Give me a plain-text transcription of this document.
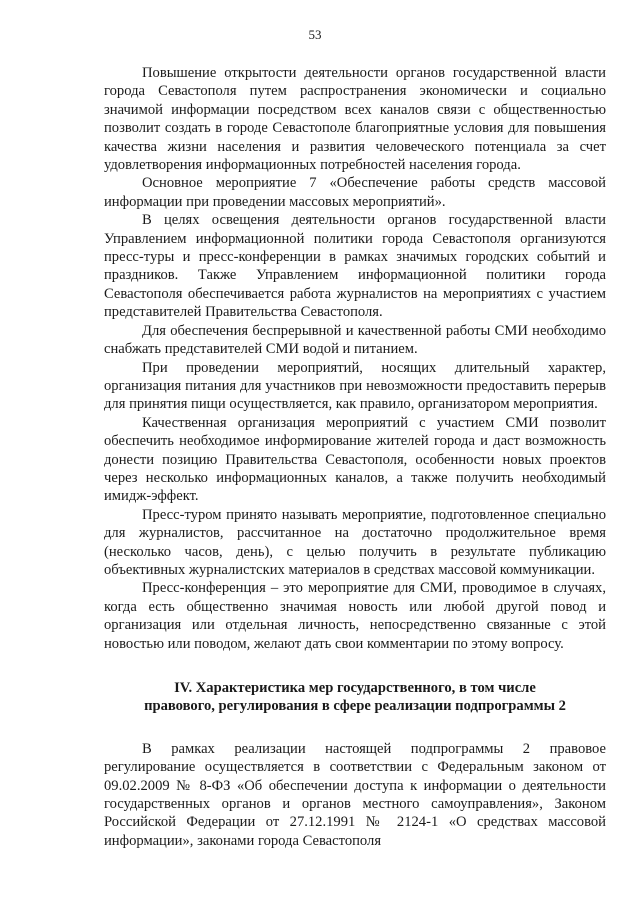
53

Повышение открытости деятельности органов государственной власти города Севастополя путем распространения экономически и социально значимой информации посредством всех каналов связи с общественностью позволит создать в городе Севастополе благоприятные условия для повышения качества жизни населения и развития человеческого потенциала за счет удовлетворения информационных потребностей населения города.

Основное мероприятие 7 «Обеспечение работы средств массовой информации при проведении массовых мероприятий».

В целях освещения деятельности органов государственной власти Управлением информационной политики города Севастополя организуются пресс-туры и пресс-конференции в рамках значимых городских событий и праздников. Также Управлением информационной политики города Севастополя обеспечивается работа журналистов на мероприятиях с участием представителей Правительства Севастополя.

Для обеспечения беспрерывной и качественной работы СМИ необходимо снабжать представителей СМИ водой и питанием.

При проведении мероприятий, носящих длительный характер, организация питания для участников при невозможности предоставить перерыв для принятия пищи осуществляется, как правило, организатором мероприятия.

Качественная организация мероприятий с участием СМИ позволит обеспечить необходимое информирование жителей города и даст возможность донести позицию Правительства Севастополя, особенности новых проектов через несколько информационных каналов, а также получить необходимый имидж-эффект.

Пресс-туром принято называть мероприятие, подготовленное специально для журналистов, рассчитанное на достаточно продолжительное время (несколько часов, день), с целью получить в результате публикацию объективных журналистских материалов в средствах массовой коммуникации.

Пресс-конференция – это мероприятие для СМИ, проводимое в случаях, когда есть общественно значимая новость или любой другой повод и организация или отдельная личность, непосредственно связанные с этой новостью или поводом, желают дать свои комментарии по этому вопросу.

IV. Характеристика мер государственного, в том числе
правового, регулирования в сфере реализации подпрограммы 2

В рамках реализации настоящей подпрограммы 2 правовое регулирование осуществляется в соответствии с Федеральным законом от 09.02.2009 № 8-ФЗ «Об обеспечении доступа к информации о деятельности государственных органов и органов местного самоуправления», Законом Российской Федерации от 27.12.1991 № 2124-1 «О средствах массовой информации», законами города Севастополя
